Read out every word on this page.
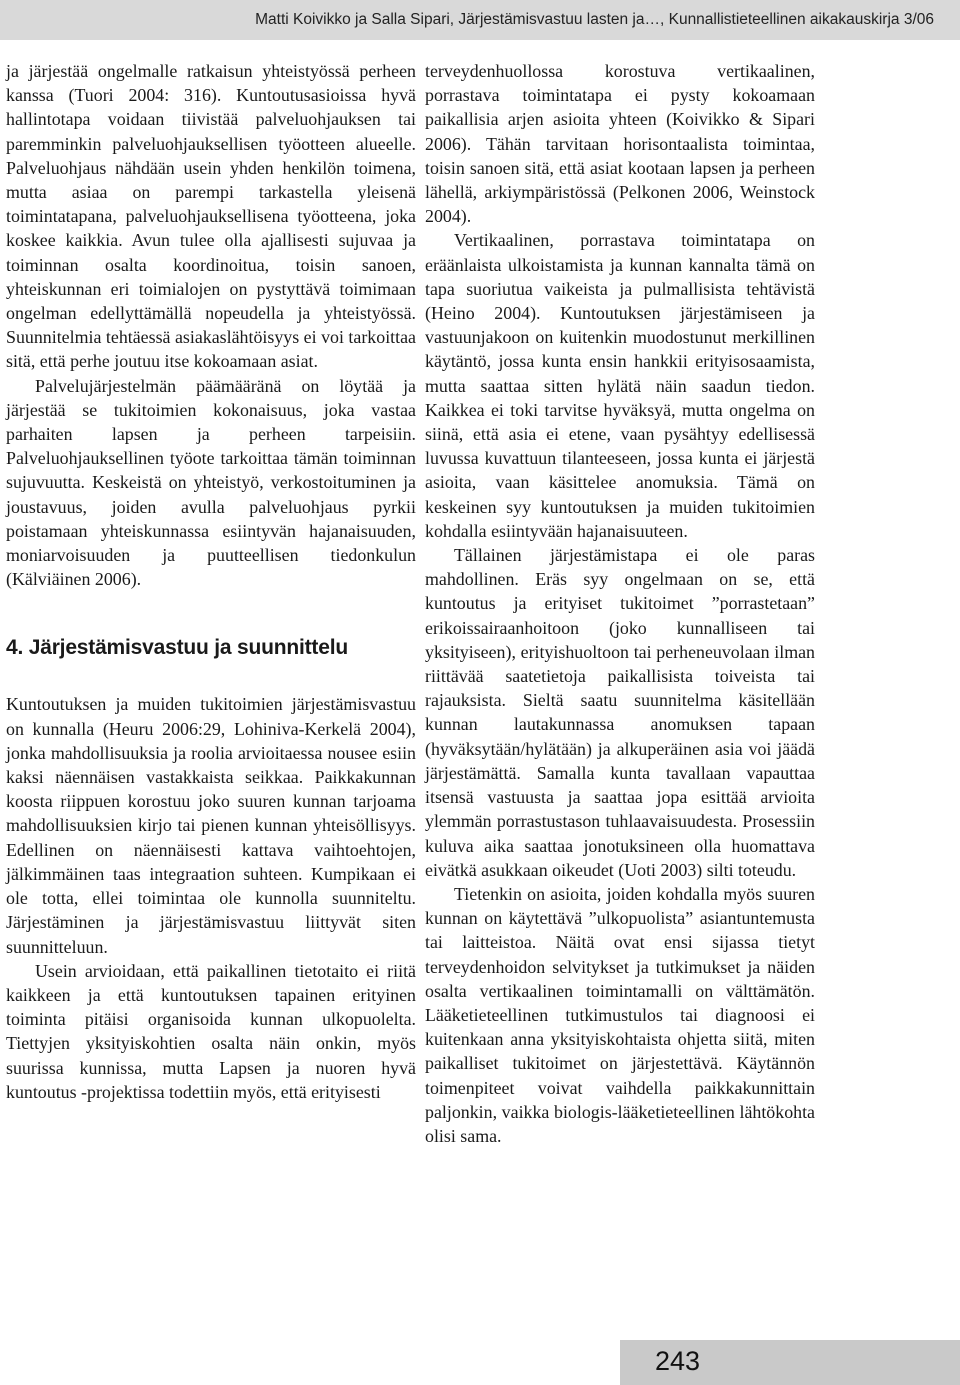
Matti Koivikko ja Salla Sipari, Järjestämisvastuu lasten ja…, Kunnallistieteellinen aikakauskirja 3/06

ja järjestää ongelmalle ratkaisun yhteistyössä perheen kanssa (Tuori 2004: 316). Kuntoutusasioissa hyvä hallintotapa voidaan tiivistää palveluohjauksen tai paremminkin palveluohjauksellisen työotteen alueelle. Palveluohjaus nähdään usein yhden henkilön toimena, mutta asiaa on parempi tarkastella yleisenä toimintatapana, palveluohjauksellisena työotteena, joka koskee kaikkia. Avun tulee olla ajallisesti sujuvaa ja toiminnan osalta koordinoitua, toisin sanoen, yhteiskunnan eri toimialojen on pystyttävä toimimaan ongelman edellyttämällä nopeudella ja yhteistyössä. Suunnitelmia tehtäessä asiakaslähtöisyys ei voi tarkoittaa sitä, että perhe joutuu itse kokoamaan asiat.

Palvelujärjestelmän päämääränä on löytää ja järjestää se tukitoimien kokonaisuus, joka vastaa parhaiten lapsen ja perheen tarpeisiin. Palveluohjauksellinen työote tarkoittaa tämän toiminnan sujuvuutta. Keskeistä on yhteistyö, verkostoituminen ja joustavuus, joiden avulla palveluohjaus pyrkii poistamaan yhteiskunnassa esiintyvän hajanaisuuden, moniarvoisuuden ja puutteellisen tiedonkulun (Kälviäinen 2006).

4. Järjestämisvastuu ja suunnittelu

Kuntoutuksen ja muiden tukitoimien järjestämisvastuu on kunnalla (Heuru 2006:29, Lohiniva-Kerkelä 2004), jonka mahdollisuuksia ja roolia arvioitaessa nousee esiin kaksi näennäisen vastakkaista seikkaa. Paikkakunnan koosta riippuen korostuu joko suuren kunnan tarjoama mahdollisuuksien kirjo tai pienen kunnan yhteisöllisyys. Edellinen on näennäisesti kattava vaihtoehtojen, jälkimmäinen taas integraation suhteen. Kumpikaan ei ole totta, ellei toimintaa ole kunnolla suunniteltu. Järjestäminen ja järjestämisvastuu liittyvät siten suunnitteluun.

Usein arvioidaan, että paikallinen tietotaito ei riitä kaikkeen ja että kuntoutuksen tapainen erityinen toiminta pitäisi organisoida kunnan ulkopuolelta. Tiettyjen yksityiskohtien osalta näin onkin, myös suurissa kunnissa, mutta Lapsen ja nuoren hyvä kuntoutus -projektissa todettiin myös, että erityisesti

terveydenhuollossa korostuva vertikaalinen, porrastava toimintatapa ei pysty kokoamaan paikallisia arjen asioita yhteen (Koivikko & Sipari 2006). Tähän tarvitaan horisontaalista toimintaa, toisin sanoen sitä, että asiat kootaan lapsen ja perheen lähellä, arkiympäristössä (Pelkonen 2006, Weinstock 2004).

Vertikaalinen, porrastava toimintatapa on eräänlaista ulkoistamista ja kunnan kannalta tämä on tapa suoriutua vaikeista ja pulmallisista tehtävistä (Heino 2004). Kuntoutuksen järjestämiseen ja vastuunjakoon on kuitenkin muodostunut merkillinen käytäntö, jossa kunta ensin hankkii erityisosaamista, mutta saattaa sitten hylätä näin saadun tiedon. Kaikkea ei toki tarvitse hyväksyä, mutta ongelma on siinä, että asia ei etene, vaan pysähtyy edellisessä luvussa kuvattuun tilanteeseen, jossa kunta ei järjestä asioita, vaan käsittelee anomuksia. Tämä on keskeinen syy kuntoutuksen ja muiden tukitoimien kohdalla esiintyvään hajanaisuuteen.

Tällainen järjestämistapa ei ole paras mahdollinen. Eräs syy ongelmaan on se, että kuntoutus ja erityiset tukitoimet ”porrastetaan” erikoissairaanhoitoon (joko kunnalliseen tai yksityiseen), erityishuoltoon tai perheneuvolaan ilman riittävää saatetietoja paikallisista toiveista tai rajauksista. Sieltä saatu suunnitelma käsitellään kunnan lautakunnassa anomuksen tapaan (hyväksytään/hylätään) ja alkuperäinen asia voi jäädä järjestämättä. Samalla kunta tavallaan vapauttaa itsensä vastuusta ja saattaa jopa esittää arvioita ylemmän porrastustason tuhlaavaisuudesta. Prosessiin kuluva aika saattaa jonotuksineen olla huomattava eivätkä asukkaan oikeudet (Uoti 2003) silti toteudu.

Tietenkin on asioita, joiden kohdalla myös suuren kunnan on käytettävä ”ulkopuolista” asiantuntemusta tai laitteistoa. Näitä ovat ensi sijassa tietyt terveydenhoidon selvitykset ja tutkimukset ja näiden osalta vertikaalinen toimintamalli on välttämätön. Lääketieteellinen tutkimustulos tai diagnoosi ei kuitenkaan anna yksityiskohtaista ohjetta siitä, miten paikalliset tukitoimet on järjestettävä. Käytännön toimenpiteet voivat vaihdella paikkakunnittain paljonkin, vaikka biologis-lääketieteellinen lähtökohta olisi sama.

243
